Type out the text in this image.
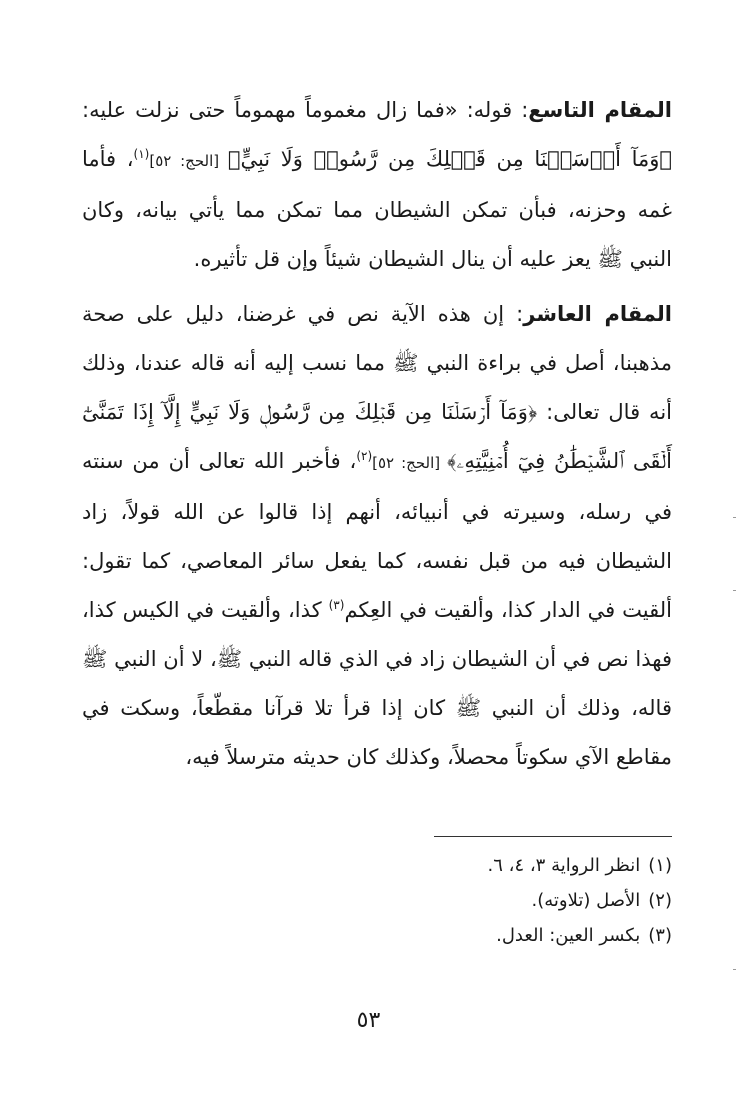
المقام التاسع: قوله: «فما زال مغموماً مهموماً حتى نزلت عليه: ﴿وَمَآ أَرۡسَلۡنَا مِن قَبۡلِكَ مِن رَّسُولٖ وَلَا نَبِيٍّ﴾ [الحج: ٥٢]$^{(١)}$، فأما غمه وحزنه، فبأن تمكن الشيطان مما تمكن مما يأتي بيانه، وكان النبي ﷺ يعز عليه أن ينال الشيطان شيئاً وإن قل تأثيره.

المقام العاشر: إن هذه الآية نص في غرضنا، دليل على صحة مذهبنا، أصل في براءة النبي ﷺ مما نسب إليه أنه قاله عندنا، وذلك أنه قال تعالى: ﴿وَمَآ أَرۡسَلۡنَا مِن قَبۡلِكَ مِن رَّسُولٖ وَلَا نَبِيٍّ إِلَّآ إِذَا تَمَنَّىٰٓ أَلۡقَى ٱلشَّيۡطَٰنُ فِيٓ أُمۡنِيَّتِهِۦ﴾ [الحج: ٥٢]$^{(٢)}$، فأخبر الله تعالى أن من سنته في رسله، وسيرته في أنبيائه، أنهم إذا قالوا عن الله قولاً، زاد الشيطان فيه من قبل نفسه، كما يفعل سائر المعاصي، كما تقول: ألقيت في الدار كذا، وألقيت في العِكم$^{(٣)}$ كذا، وألقيت في الكيس كذا، فهذا نص في أن الشيطان زاد في الذي قاله النبي ﷺ، لا أن النبي ﷺ قاله، وذلك أن النبي ﷺ كان إذا قرأ تلا قرآنا مقطّعاً، وسكت في مقاطع الآي سكوتاً محصلاً، وكذلك كان حديثه مترسلاً فيه،

(١)انظر الرواية ٣، ٤، ٦.

(٢)الأصل (تلاوته).

(٣)بكسر العين: العدل.

٥٣
